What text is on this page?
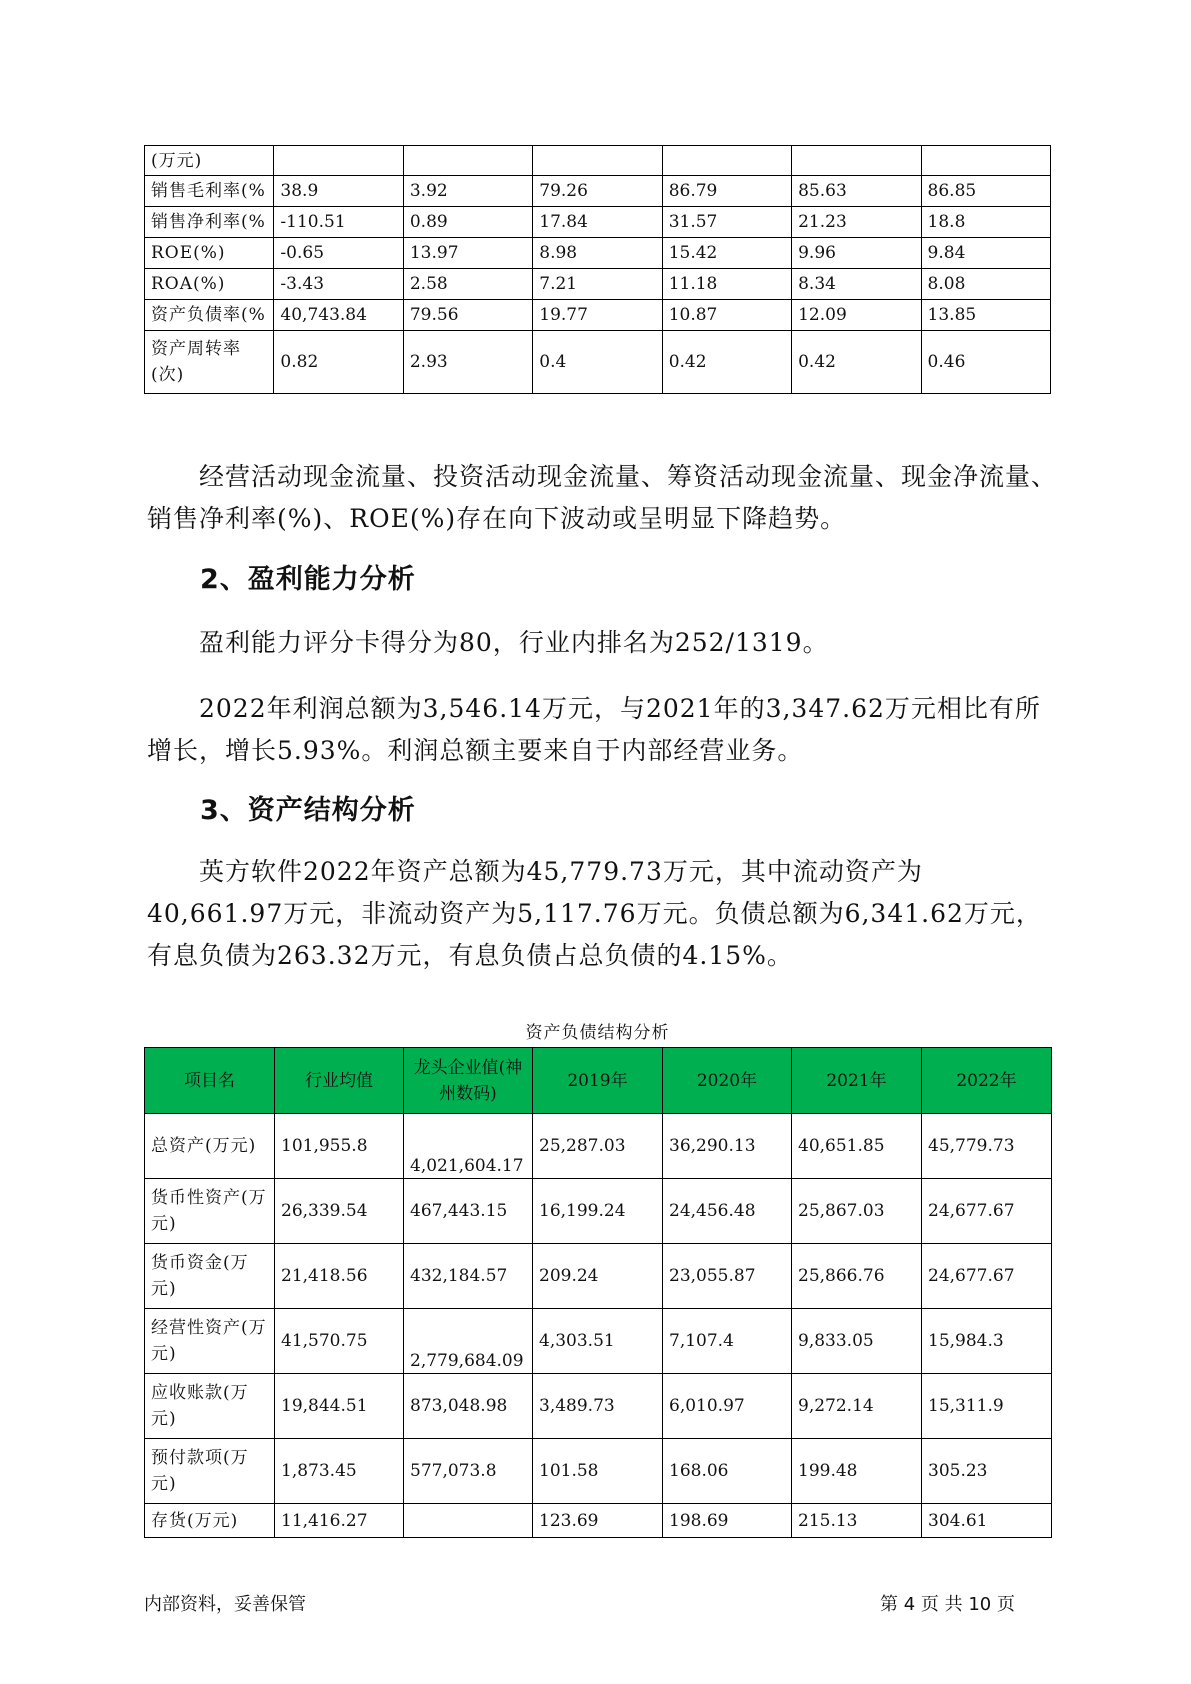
(万元)						
销售毛利率(%	38.9	3.92	79.26	86.79	85.63	86.85
销售净利率(%	-110.51	0.89	17.84	31.57	21.23	18.8
ROE(%)	-0.65	13.97	8.98	15.42	9.96	9.84
ROA(%)	-3.43	2.58	7.21	11.18	8.34	8.08
资产负债率(%	40,743.84	79.56	19.77	10.87	12.09	13.85
资产周转率(次)	0.82	2.93	0.4	0.42	0.42	0.46

经营活动现金流量、投资活动现金流量、筹资活动现金流量、现金净流量、销售净利率(%)、ROE(%)存在向下波动或呈明显下降趋势。

2、盈利能力分析

盈利能力评分卡得分为80，行业内排名为252/1319。

2022年利润总额为3,546.14万元，与2021年的3,347.62万元相比有所增长，增长5.93%。利润总额主要来自于内部经营业务。

3、资产结构分析

英方软件2022年资产总额为45,779.73万元，其中流动资产为40,661.97万元，非流动资产为5,117.76万元。负债总额为6,341.62万元，有息负债为263.32万元，有息负债占总负债的4.15%。

资产负债结构分析
项目名	行业均值	龙头企业值(神州数码)	2019年	2020年	2021年	2022年
总资产(万元)	101,955.8	4,021,604.17	25,287.03	36,290.13	40,651.85	45,779.73
货币性资产(万元)	26,339.54	467,443.15	16,199.24	24,456.48	25,867.03	24,677.67
货币资金(万元)	21,418.56	432,184.57	209.24	23,055.87	25,866.76	24,677.67
经营性资产(万元)	41,570.75	2,779,684.09	4,303.51	7,107.4	9,833.05	15,984.3
应收账款(万元)	19,844.51	873,048.98	3,489.73	6,010.97	9,272.14	15,311.9
预付款项(万元)	1,873.45	577,073.8	101.58	168.06	199.48	305.23
存货(万元)	11,416.27		123.69	198.69	215.13	304.61
内部资料，妥善保管	第 4 页 共 10 页
